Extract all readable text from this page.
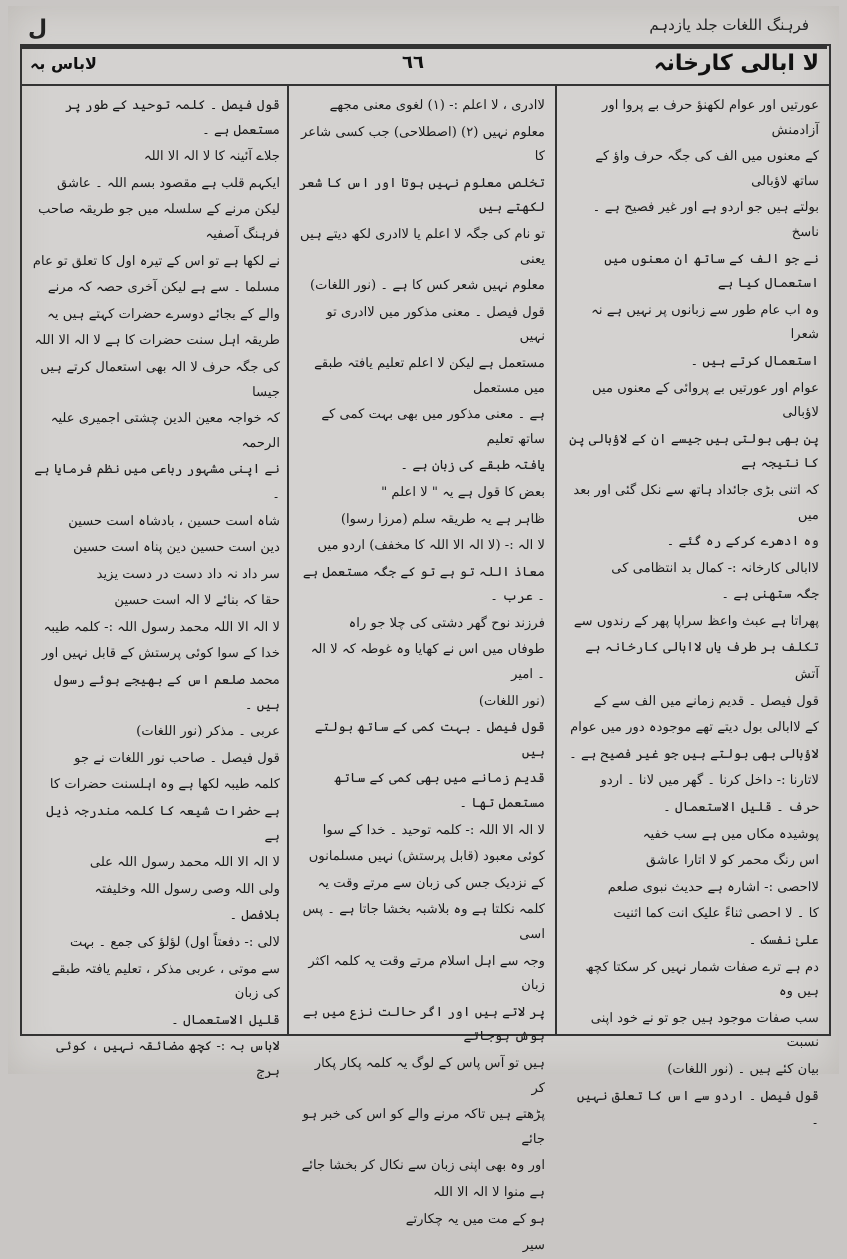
ل	فرہنگ اللغات جلد یازدہم
لاباس بہ	٦٦	لا ابالی کارخانہ

عورتیں اور عوام لکھنؤ حرف بے پروا اور آزادمنش

کے معنوں میں الف کی جگہ حرف واؤ کے ساتھ لاؤبالی

بولتے ہیں جو اردو ہے اور غیر فصیح ہے ۔ ناسخ

نے جو الف کے ساتھ ان معنوں میں استعمال کیا ہے

وہ اب عام طور سے زبانوں پر نہیں ہے نہ شعرا

استعمال کرتے ہیں ۔

عوام اور عورتیں بے پروائی کے معنوں میں لاؤبالی

پن بھی بولتی ہیں جیسے ان کے لاؤبالی پن کا نتیجہ ہے

کہ اتنی بڑی جائداد ہاتھ سے نکل گئی اور بعد میں

وہ ادھرے کرکے رہ گئے ۔

لاابالی کارخانہ :- کمال بد انتظامی کی

جگہ ستھنی ہے ۔

پھراتا ہے عبث واعظ سراپا پھر کے رندوں سے

تکلف بر طرف یاں لاابالی کارخانہ ہے

آتش

قول فیصل ۔ قدیم زمانے میں الف سے کے

کے لاابالی بول دیتے تھے موجودہ دور میں عوام

لاؤبالی بھی بولتے ہیں جو غیر فصیح ہے ۔

لاتارنا :- داخل کرنا ۔ گھر میں لانا ۔ اردو

حرف ۔ قلیل الاستعمال ۔

پوشیدہ مکاں میں ہے سب خفیہ

اس رنگ محمر کو لا اتارا عاشق

لااحصی :- اشارہ ہے حدیث نبوی صلعم

کا ۔ لا احصی ثناءً علیک انت کما اثنیت

علیٰ نفسک ۔

دم ہے ترے صفات شمار نہیں کر سکتا کچھ ہیں وہ

سب صفات موجود ہیں جو تو نے خود اپنی نسبت

بیان کئے ہیں ۔ (نور اللغات)

قول فیصل ۔ اردو سے اس کا تعلق نہیں ۔

لاادری ، لا اعلم :- (۱) لغوی معنی مجھے

معلوم نہیں (۲) (اصطلاحی) جب کسی شاعر کا

تخلص معلوم نہیں ہوتا اور اس کا شعر لکھتے ہیں

تو نام کی جگہ لا اعلم یا لاادری لکھ دیتے ہیں یعنی

معلوم نہیں شعر کس کا ہے ۔ (نور اللغات)

قول فیصل ۔ معنی مذکور میں لاادری تو نہیں

مستعمل ہے لیکن لا اعلم تعلیم یافتہ طبقے میں مستعمل

ہے ۔ معنی مذکور میں بھی بہت کمی کے ساتھ تعلیم

یافتہ طبقے کی زبان ہے ۔

بعض کا قول ہے یہ " لا اعلم "

ظاہر ہے یہ طریقہ سلم (مرزا رسوا)

لا الہ :- (لا الہ الا اللہ کا مخفف) اردو میں

معاذ اللہ تو ہے تو کے جگہ مستعمل ہے ۔ عرب ۔

فرزند نوح گھر دشتی کی چلا جو راہ

طوفاں میں اس نے کھایا وہ غوطہ کہ لا الہ ۔ امیر

(نور اللغات)

قول فیصل ۔ بہت کمی کے ساتھ بولتے ہیں

قدیم زمانے میں بھی کمی کے ساتھ مستعمل تھا ۔

لا الہ الا اللہ :- کلمہ توحید ۔ خدا کے سوا

کوئی معبود (قابل پرستش) نہیں مسلمانوں

کے نزدیک جس کی زبان سے مرتے وقت یہ

کلمہ نکلتا ہے وہ بلاشبہ بخشا جاتا ہے ۔ پس اسی

وجہ سے اہل اسلام مرتے وقت یہ کلمہ اکثر زبان

پر لاتے ہیں اور اگر حالت نزع میں بے ہوش ہوجاتے

ہیں تو آس پاس کے لوگ یہ کلمہ پکار پکار کر

پڑھتے ہیں تاکہ مرنے والے کو اس کی خبر ہو جائے

اور وہ بھی اپنی زبان سے نکال کر بخشا جائے

ہے منوا لا الہ الا اللہ

ہو کے مت میں یہ چکارتے

سیر

قول فیصل ۔ کلمہ توحید کے طور پر مستعمل ہے ۔

جلاے آئینہ کا لا الہ الا اللہ

ایکہم قلب ہے مقصود بسم اللہ ۔ عاشق

لیکن مرنے کے سلسلہ میں جو طریقہ صاحب فرہنگ آصفیہ

نے لکھا ہے تو اس کے تیرہ اول کا تعلق تو عام

مسلما ۔ سے ہے لیکن آخری حصہ کہ مرنے

والے کے بجائے دوسرے حضرات کہتے ہیں یہ

طریقہ اہل سنت حضرات کا ہے لا الہ الا اللہ

کی جگہ حرف لا الہ بھی استعمال کرتے ہیں جیسا

کہ خواجہ معین الدین چشتی اجمیری علیہ الرحمہ

نے اپنی مشہور رباعی میں نظم فرمایا ہے ۔

شاہ است حسین ، بادشاہ است حسین

دین است حسین دین پناہ است حسین

سر داد نہ داد دست در دست یزید

حقا کہ بنائے لا الہ است حسین

لا الہ الا اللہ محمد رسول اللہ :- کلمہ طیبہ

خدا کے سوا کوئی پرستش کے قابل نہیں اور

محمد صلعم اس کے بھیجے ہوئے رسول ہیں ۔

عربی ۔ مذکر (نور اللغات)

قول فیصل ۔ صاحب نور اللغات نے جو

کلمہ طیبہ لکھا ہے وہ اہلسنت حضرات کا

ہے حضرات شیعہ کا کلمہ مندرجہ ذیل ہے

لا الہ الا اللہ محمد رسول اللہ علی

ولی اللہ وصی رسول اللہ وخلیفتہ

بلافصل ۔

لالی :- دفعتاً اول) لؤلؤ کی جمع ۔ بہت

سے موتی ، عربی مذکر ، تعلیم یافتہ طبقے کی زبان

قلیل الاستعمال ۔

لاباس بہ :- کچھ مضائقہ نہیں ، کوئی ہرج
